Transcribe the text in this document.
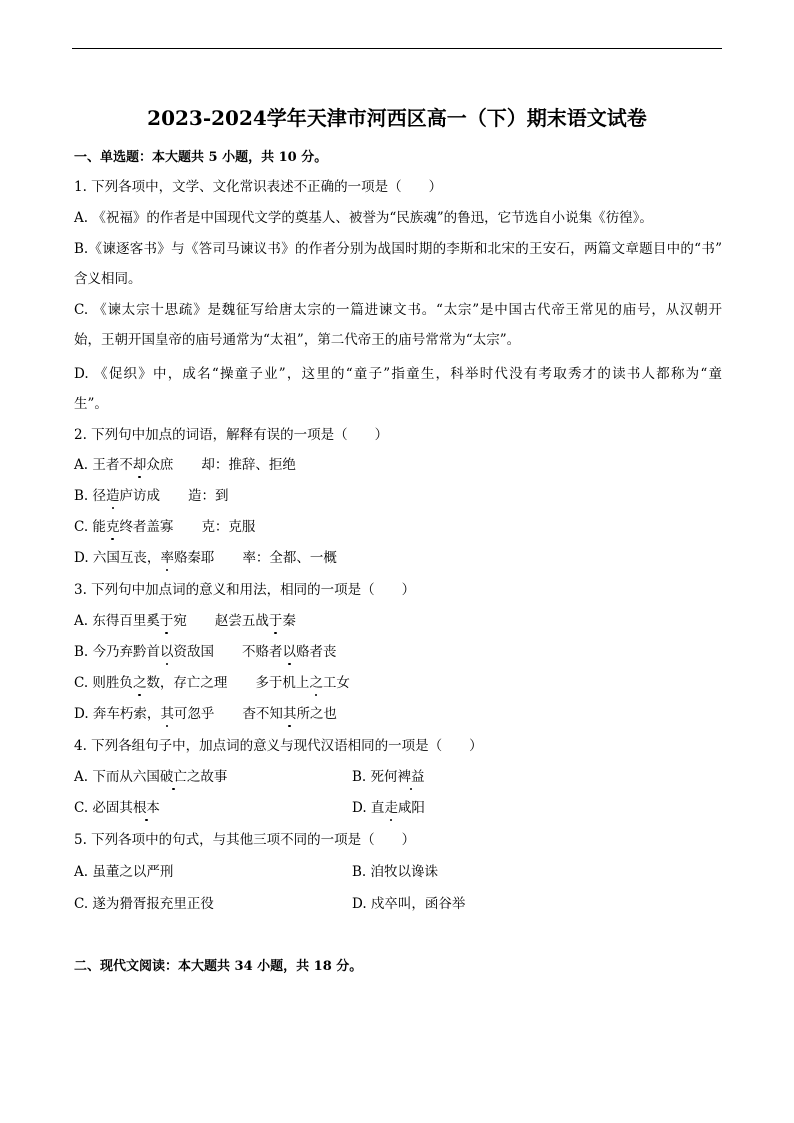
2023-2024学年天津市河西区高一（下）期末语文试卷
一、单选题：本大题共 5 小题，共 10 分。
1. 下列各项中，文学、文化常识表述不正确的一项是（　　）
A. 《祝福》的作者是中国现代文学的奠基人、被誉为“民族魂”的鲁迅，它节选自小说集《彷徨》。
B.《谏逐客书》与《答司马谏议书》的作者分别为战国时期的李斯和北宋的王安石，两篇文章题目中的“书”
含义相同。
C. 《谏太宗十思疏》是魏征写给唐太宗的一篇进谏文书。“太宗”是中国古代帝王常见的庙号，从汉朝开
始，王朝开国皇帝的庙号通常为“太祖”，第二代帝王的庙号常常为“太宗”。
D. 《促织》中，成名“操童子业”，这里的“童子”指童生，科举时代没有考取秀才的读书人都称为“童
生”。
2. 下列句中加点的词语，解释有误的一项是（　　）
A. 王者不却众庶 却：推辞、拒绝
B. 径造庐访成 造：到
C. 能克终者盖寡 克：克服
D. 六国互丧，率赂秦耶 率：全都、一概
3. 下列句中加点词的意义和用法，相同的一项是（　　）
A. 东得百里奚于宛 赵尝五战于秦
B. 今乃弃黔首以资敌国 不赂者以赂者丧
C. 则胜负之数，存亡之理 多于机上之工女
D. 奔车朽索，其可忽乎 杳不知其所之也
4. 下列各组句子中，加点词的意义与现代汉语相同的一项是（　　）
A. 下而从六国破亡之故事	B. 死何裨益
C. 必固其根本	D. 直走咸阳
5. 下列各项中的句式，与其他三项不同的一项是（　　）
A. 虽董之以严刑	B. 洎牧以谗诛
C. 遂为猾胥报充里正役	D. 戍卒叫，函谷举
二、现代文阅读：本大题共 34 小题，共 18 分。
